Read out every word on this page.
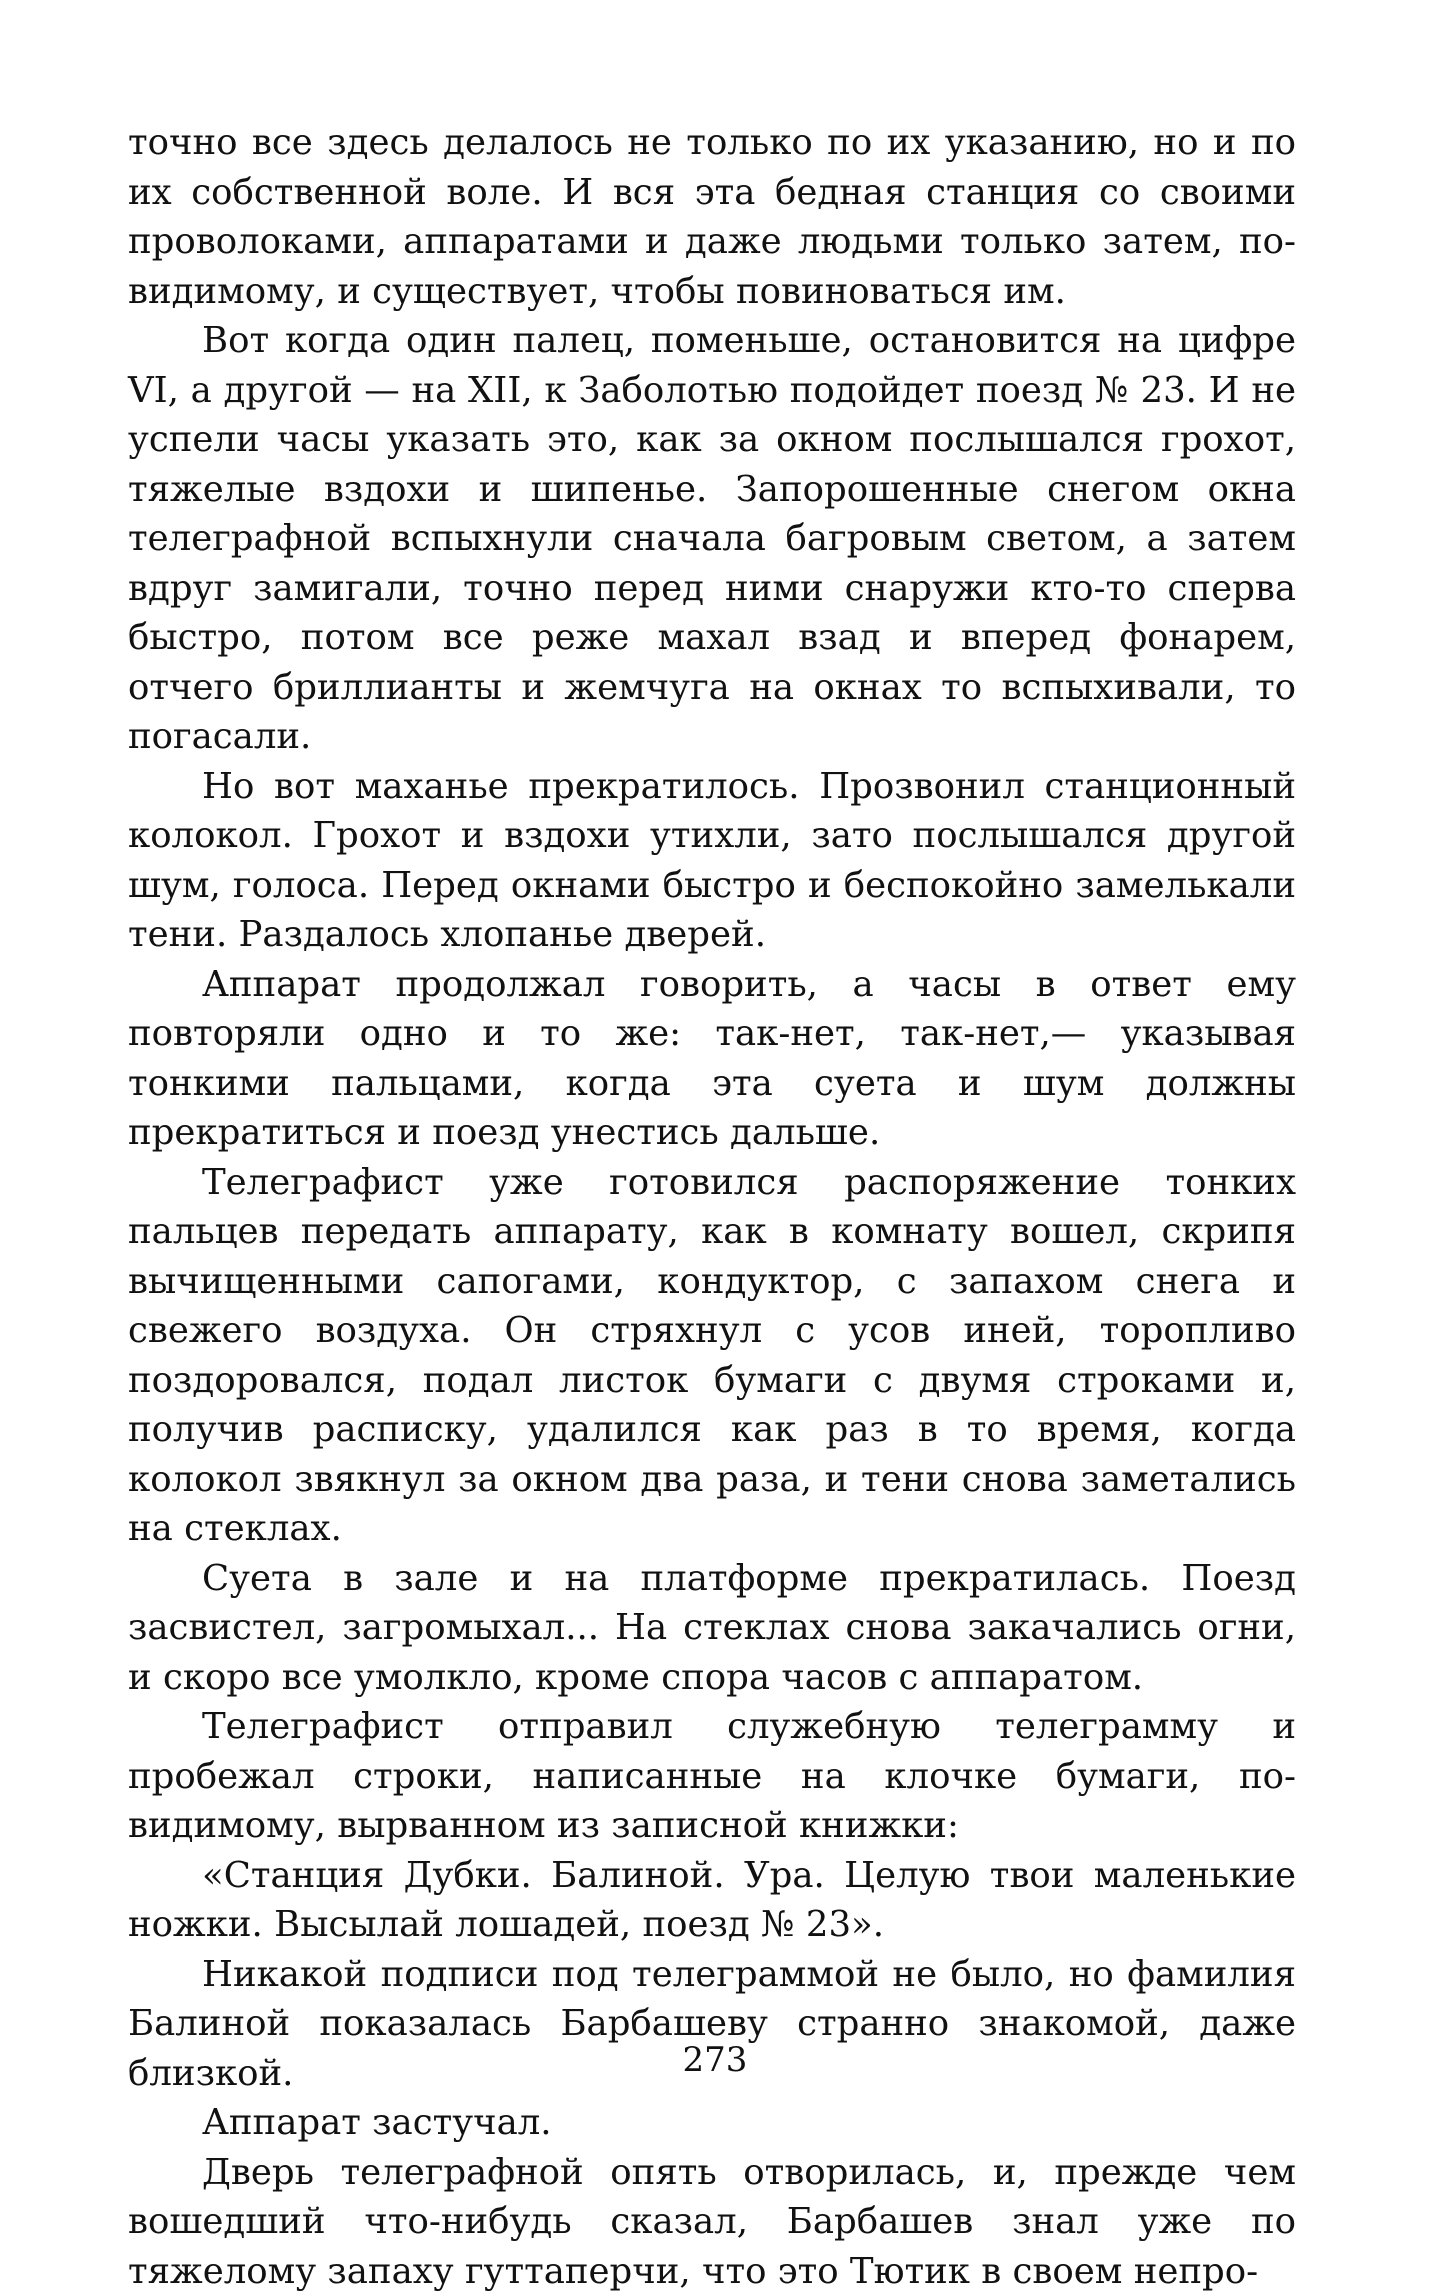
точно все здесь делалось не только по их указанию, но и по их собственной воле. И вся эта бедная станция со своими проволоками, аппаратами и даже людьми только затем, по-видимому, и существует, чтобы повиноваться им.

Вот когда один палец, поменьше, остановится на цифре VI, а другой — на XII, к Заболотью подойдет поезд № 23. И не успели часы указать это, как за окном послышался грохот, тяжелые вздохи и шипенье. Запорошенные снегом окна телеграфной вспыхнули сначала багровым светом, а затем вдруг замигали, точно перед ними снаружи кто-то сперва быстро, потом все реже махал взад и вперед фонарем, отчего бриллианты и жемчуга на окнах то вспыхивали, то погасали.

Но вот маханье прекратилось. Прозвонил станционный колокол. Грохот и вздохи утихли, зато послышался другой шум, голоса. Перед окнами быстро и беспокойно замелькали тени. Раздалось хлопанье дверей.

Аппарат продолжал говорить, а часы в ответ ему повторяли одно и то же: так-нет, так-нет,— указывая тонкими пальцами, когда эта суета и шум должны прекратиться и поезд унестись дальше.

Телеграфист уже готовился распоряжение тонких пальцев передать аппарату, как в комнату вошел, скрипя вычищенными сапогами, кондуктор, с запахом снега и свежего воздуха. Он стряхнул с усов иней, торопливо поздоровался, подал листок бумаги с двумя строками и, получив расписку, удалился как раз в то время, когда колокол звякнул за окном два раза, и тени снова заметались на стеклах.

Суета в зале и на платформе прекратилась. Поезд засвистел, загромыхал... На стеклах снова закачались огни, и скоро все умолкло, кроме спора часов с аппаратом.

Телеграфист отправил служебную телеграмму и пробежал строки, написанные на клочке бумаги, по-видимому, вырванном из записной книжки:

«Станция Дубки. Балиной. Ура. Целую твои маленькие ножки. Высылай лошадей, поезд № 23».

Никакой подписи под телеграммой не было, но фамилия Балиной показалась Барбашеву странно знакомой, даже близкой.

Аппарат застучал.

Дверь телеграфной опять отворилась, и, прежде чем вошедший что-нибудь сказал, Барбашев знал уже по тяжелому запаху гуттаперчи, что это Тютик в своем непро-

273
